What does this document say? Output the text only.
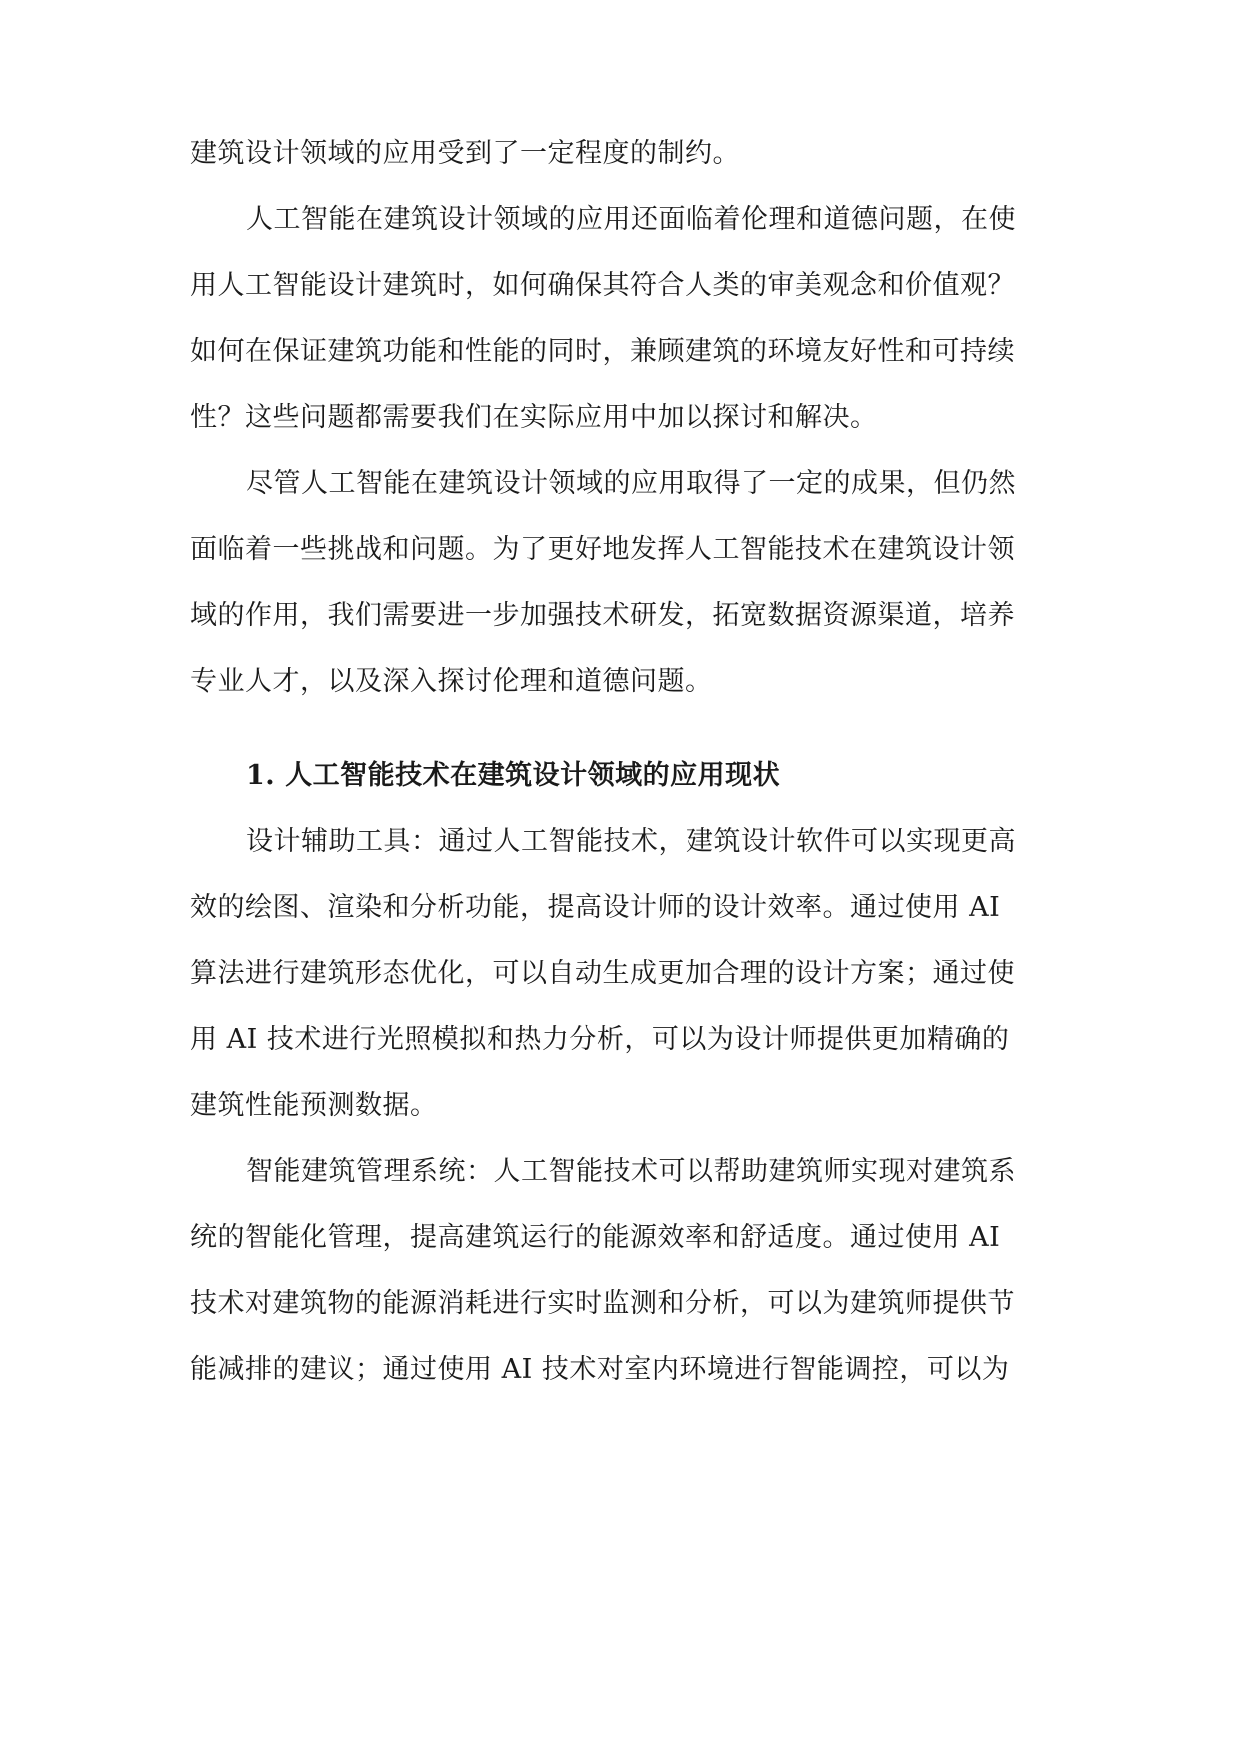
建筑设计领域的应用受到了一定程度的制约。
人工智能在建筑设计领域的应用还面临着伦理和道德问题，在使
用人工智能设计建筑时，如何确保其符合人类的审美观念和价值观？
如何在保证建筑功能和性能的同时，兼顾建筑的环境友好性和可持续
性？这些问题都需要我们在实际应用中加以探讨和解决。
尽管人工智能在建筑设计领域的应用取得了一定的成果，但仍然
面临着一些挑战和问题。为了更好地发挥人工智能技术在建筑设计领
域的作用，我们需要进一步加强技术研发，拓宽数据资源渠道，培养
专业人才，以及深入探讨伦理和道德问题。
1. 人工智能技术在建筑设计领域的应用现状
设计辅助工具：通过人工智能技术，建筑设计软件可以实现更高
效的绘图、渲染和分析功能，提高设计师的设计效率。通过使用 AI
算法进行建筑形态优化，可以自动生成更加合理的设计方案；通过使
用 AI 技术进行光照模拟和热力分析，可以为设计师提供更加精确的
建筑性能预测数据。
智能建筑管理系统：人工智能技术可以帮助建筑师实现对建筑系
统的智能化管理，提高建筑运行的能源效率和舒适度。通过使用 AI
技术对建筑物的能源消耗进行实时监测和分析，可以为建筑师提供节
能减排的建议；通过使用 AI 技术对室内环境进行智能调控，可以为
